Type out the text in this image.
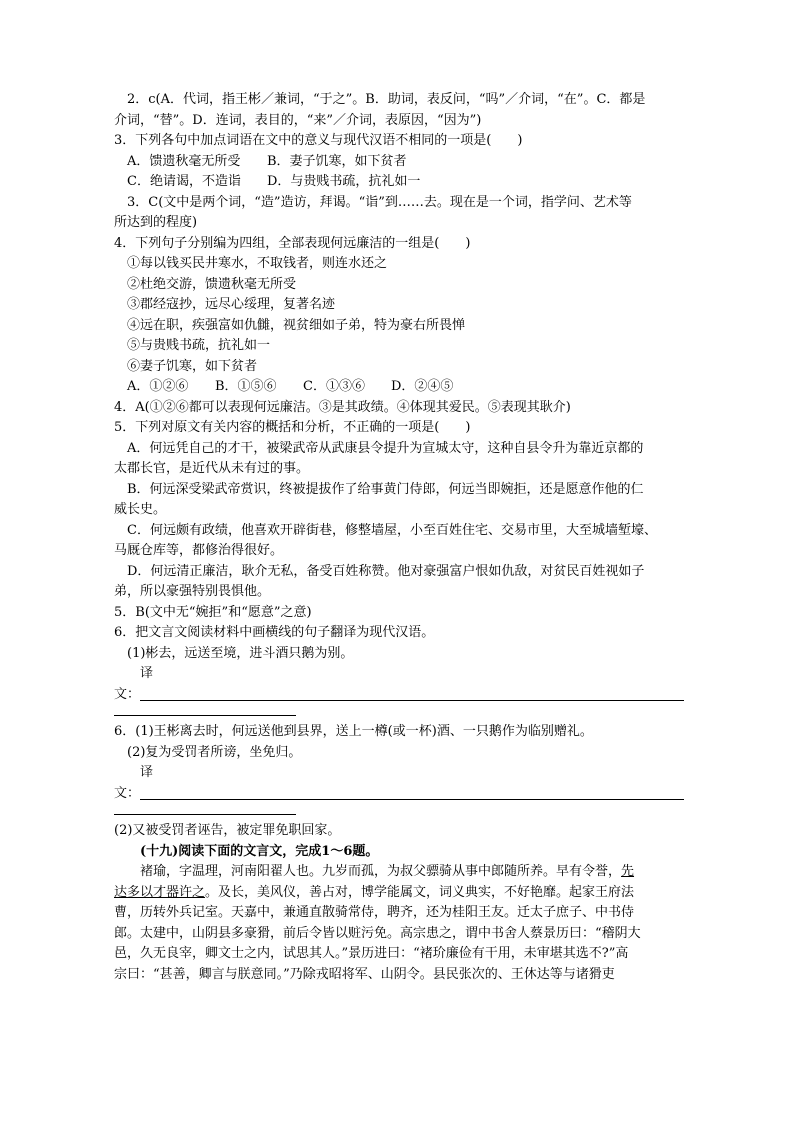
2．c(A．代词，指王彬／兼词，“于之”。B．助词，表反问，“吗”／介词，“在”。C．都是
介词，“替”。D．连词，表目的，“来”／介词，表原因，“因为”)
3．下列各句中加点词语在文中的意义与现代汉语不相同的一项是(　　)
A．馈遗秋毫无所受 B．妻子饥寒，如下贫者
C．绝请谒，不造诣 D．与贵贱书疏，抗礼如一
3．C(文中是两个词，“造”造访，拜谒。“诣”到……去。现在是一个词，指学问、艺术等
所达到的程度)
4．下列句子分别编为四组，全部表现何远廉洁的一组是(　　)
①每以钱买民井寒水，不取钱者，则连水还之
②杜绝交游，馈遗秋毫无所受
③郡经寇抄，远尽心绥理，复著名迹
④远在职，疾强富如仇雠，视贫细如子弟，特为豪右所畏惮
⑤与贵贱书疏，抗礼如一
⑥妻子饥寒，如下贫者
A．①②⑥ B．①⑤⑥ C．①③⑥ D．②④⑤
4．A(①②⑥都可以表现何远廉洁。③是其政绩。④体现其爱民。⑤表现其耿介)
5．下列对原文有关内容的概括和分析，不正确的一项是(　　)
A．何远凭自己的才干，被梁武帝从武康县令提升为宣城太守，这种自县令升为靠近京都的
太郡长官，是近代从未有过的事。
B．何远深受梁武帝赏识，终被提拔作了给事黄门侍郎，何远当即婉拒，还是愿意作他的仁
威长史。
C．何远颇有政绩，他喜欢开辟街巷，修整墙屋，小至百姓住宅、交易市里，大至城墙堑壕、
马厩仓库等，都修治得很好。
D．何远清正廉洁，耿介无私，备受百姓称赞。他对豪强富户恨如仇敌，对贫民百姓视如子
弟，所以豪强特别畏惧他。
5．B(文中无“婉拒”和“愿意”之意)
6．把文言文阅读材料中画横线的句子翻译为现代汉语。
(1)彬去，远送至境，进斗酒只鹅为别。
译
文：
6．(1)王彬离去时，何远送他到县界，送上一樽(或一杯)酒、一只鹅作为临别赠礼。
(2)复为受罚者所谤，坐免归。
译
文：
(2)又被受罚者诬告，被定罪免职回家。
(十九)阅读下面的文言文，完成1～6题。
褚瑜，字温理，河南阳翟人也。九岁而孤，为叔父骠骑从事中郎随所养。早有令誉，先
达多以才器许之。及长，美风仪，善占对，博学能属文，词义典实，不好艳靡。起家王府法
曹，历转外兵记室。天嘉中，兼通直散骑常侍，聘齐，还为桂阳王友。迁太子庶子、中书侍
郎。太建中，山阴县多豪猾，前后令皆以赃污免。高宗患之，谓中书舍人蔡景历曰：“稽阴大
邑，久无良宰，卿文士之内，试思其人。”景历进曰：“褚玠廉俭有干用，未审堪其选不?”高
宗曰：“甚善，卿言与朕意同。”乃除戎昭将军、山阴令。县民张次的、王休达等与诸猾吏
